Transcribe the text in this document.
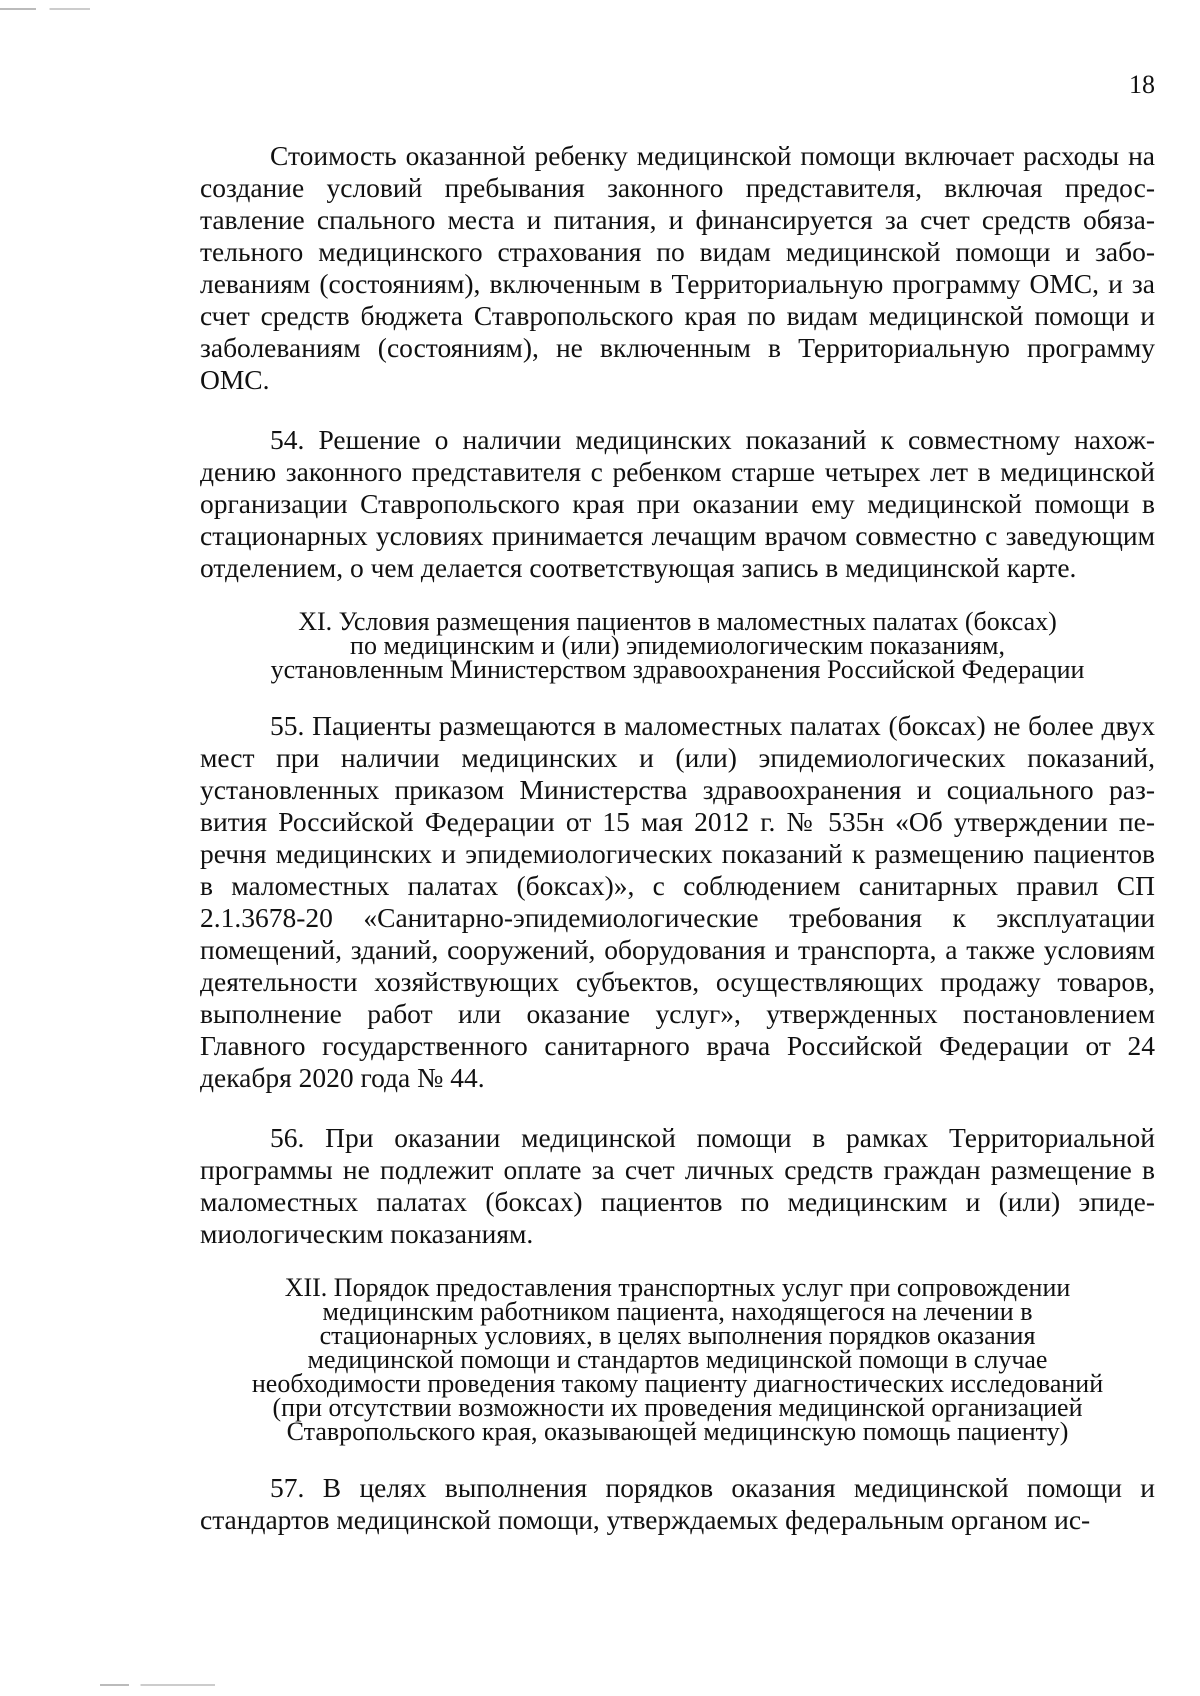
18

Стоимость оказанной ребенку медицинской помощи включает расходы на создание условий пребывания законного представителя, включая предоставление спального места и питания, и финансируется за счет средств обязательного медицинского страхования по видам медицинской помощи и заболеваниям (состояниям), включенным в Территориальную программу ОМС, и за счет средств бюджета Ставропольского края по видам медицинской помощи и заболеваниям (состояниям), не включенным в Территориальную программу ОМС.

54. Решение о наличии медицинских показаний к совместному нахождению законного представителя с ребенком старше четырех лет в медицинской организации Ставропольского края при оказании ему медицинской помощи в стационарных условиях принимается лечащим врачом совместно с заведующим отделением, о чем делается соответствующая запись в медицинской карте.

XI. Условия размещения пациентов в маломестных палатах (боксах)
по медицинским и (или) эпидемиологическим показаниям,
установленным Министерством здравоохранения Российской Федерации

55. Пациенты размещаются в маломестных палатах (боксах) не более двух мест при наличии медицинских и (или) эпидемиологических показаний, установленных приказом Министерства здравоохранения и социального развития Российской Федерации от 15 мая 2012 г. № 535н «Об утверждении перечня медицинских и эпидемиологических показаний к размещению пациентов в маломестных палатах (боксах)», с соблюдением санитарных правил СП 2.1.3678-20 «Санитарно-эпидемиологические требования к эксплуатации помещений, зданий, сооружений, оборудования и транспорта, а также условиям деятельности хозяйствующих субъектов, осуществляющих продажу товаров, выполнение работ или оказание услуг», утвержденных постановлением Главного государственного санитарного врача Российской Федерации от 24 декабря 2020 года № 44.

56. При оказании медицинской помощи в рамках Территориальной программы не подлежит оплате за счет личных средств граждан размещение в маломестных палатах (боксах) пациентов по медицинским и (или) эпидемиологическим показаниям.

XII. Порядок предоставления транспортных услуг при сопровождении
медицинским работником пациента, находящегося на лечении в
стационарных условиях, в целях выполнения порядков оказания
медицинской помощи и стандартов медицинской помощи в случае
необходимости проведения такому пациенту диагностических исследований
(при отсутствии возможности их проведения медицинской организацией
Ставропольского края, оказывающей медицинскую помощь пациенту)

57. В целях выполнения порядков оказания медицинской помощи и стандартов медицинской помощи, утверждаемых федеральным органом ис-
